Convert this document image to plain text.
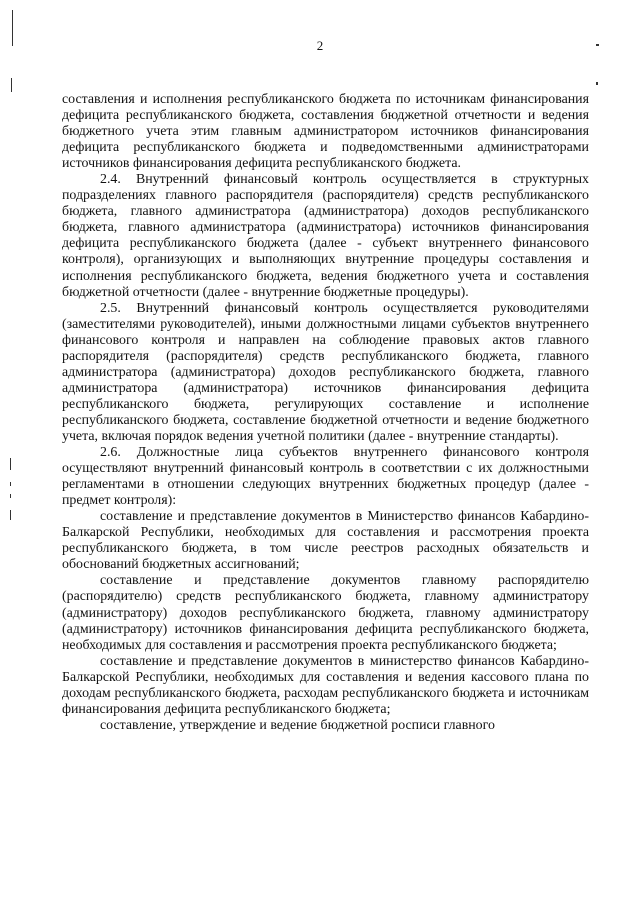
2

составления и исполнения республиканского бюджета по источникам финансирования дефицита республиканского бюджета, составления бюджетной отчетности и ведения бюджетного учета этим главным администратором источников финансирования дефицита республиканского бюджета и подведомственными администраторами источников финансирования дефицита республиканского бюджета.

2.4. Внутренний финансовый контроль осуществляется в структурных подразделениях главного распорядителя (распорядителя) средств республиканского бюджета, главного администратора (администратора) доходов республиканского бюджета, главного администратора (администратора) источников финансирования дефицита республиканского бюджета (далее - субъект внутреннего финансового контроля), организующих и выполняющих внутренние процедуры составления и исполнения республиканского бюджета, ведения бюджетного учета и составления бюджетной отчетности (далее - внутренние бюджетные процедуры).

2.5. Внутренний финансовый контроль осуществляется руководителями (заместителями руководителей), иными должностными лицами субъектов внутреннего финансового контроля и направлен на соблюдение правовых актов главного распорядителя (распорядителя) средств республиканского бюджета, главного администратора (администратора) доходов республиканского бюджета, главного администратора (администратора) источников финансирования дефицита республиканского бюджета, регулирующих составление и исполнение республиканского бюджета, составление бюджетной отчетности и ведение бюджетного учета, включая порядок ведения учетной политики (далее - внутренние стандарты).

2.6. Должностные лица субъектов внутреннего финансового контроля осуществляют внутренний финансовый контроль в соответствии с их должностными регламентами в отношении следующих внутренних бюджетных процедур (далее - предмет контроля):

составление и представление документов в Министерство финансов Кабардино-Балкарской Республики, необходимых для составления и рассмотрения проекта республиканского бюджета, в том числе реестров расходных обязательств и обоснований бюджетных ассигнований;

составление и представление документов главному распорядителю (распорядителю) средств республиканского бюджета, главному администратору (администратору) доходов республиканского бюджета, главному администратору (администратору) источников финансирования дефицита республиканского бюджета, необходимых для составления и рассмотрения проекта республиканского бюджета;

составление и представление документов в министерство финансов Кабардино-Балкарской Республики, необходимых для составления и ведения кассового плана по доходам республиканского бюджета, расходам республиканского бюджета и источникам финансирования дефицита республиканского бюджета;

составление, утверждение и ведение бюджетной росписи главного
